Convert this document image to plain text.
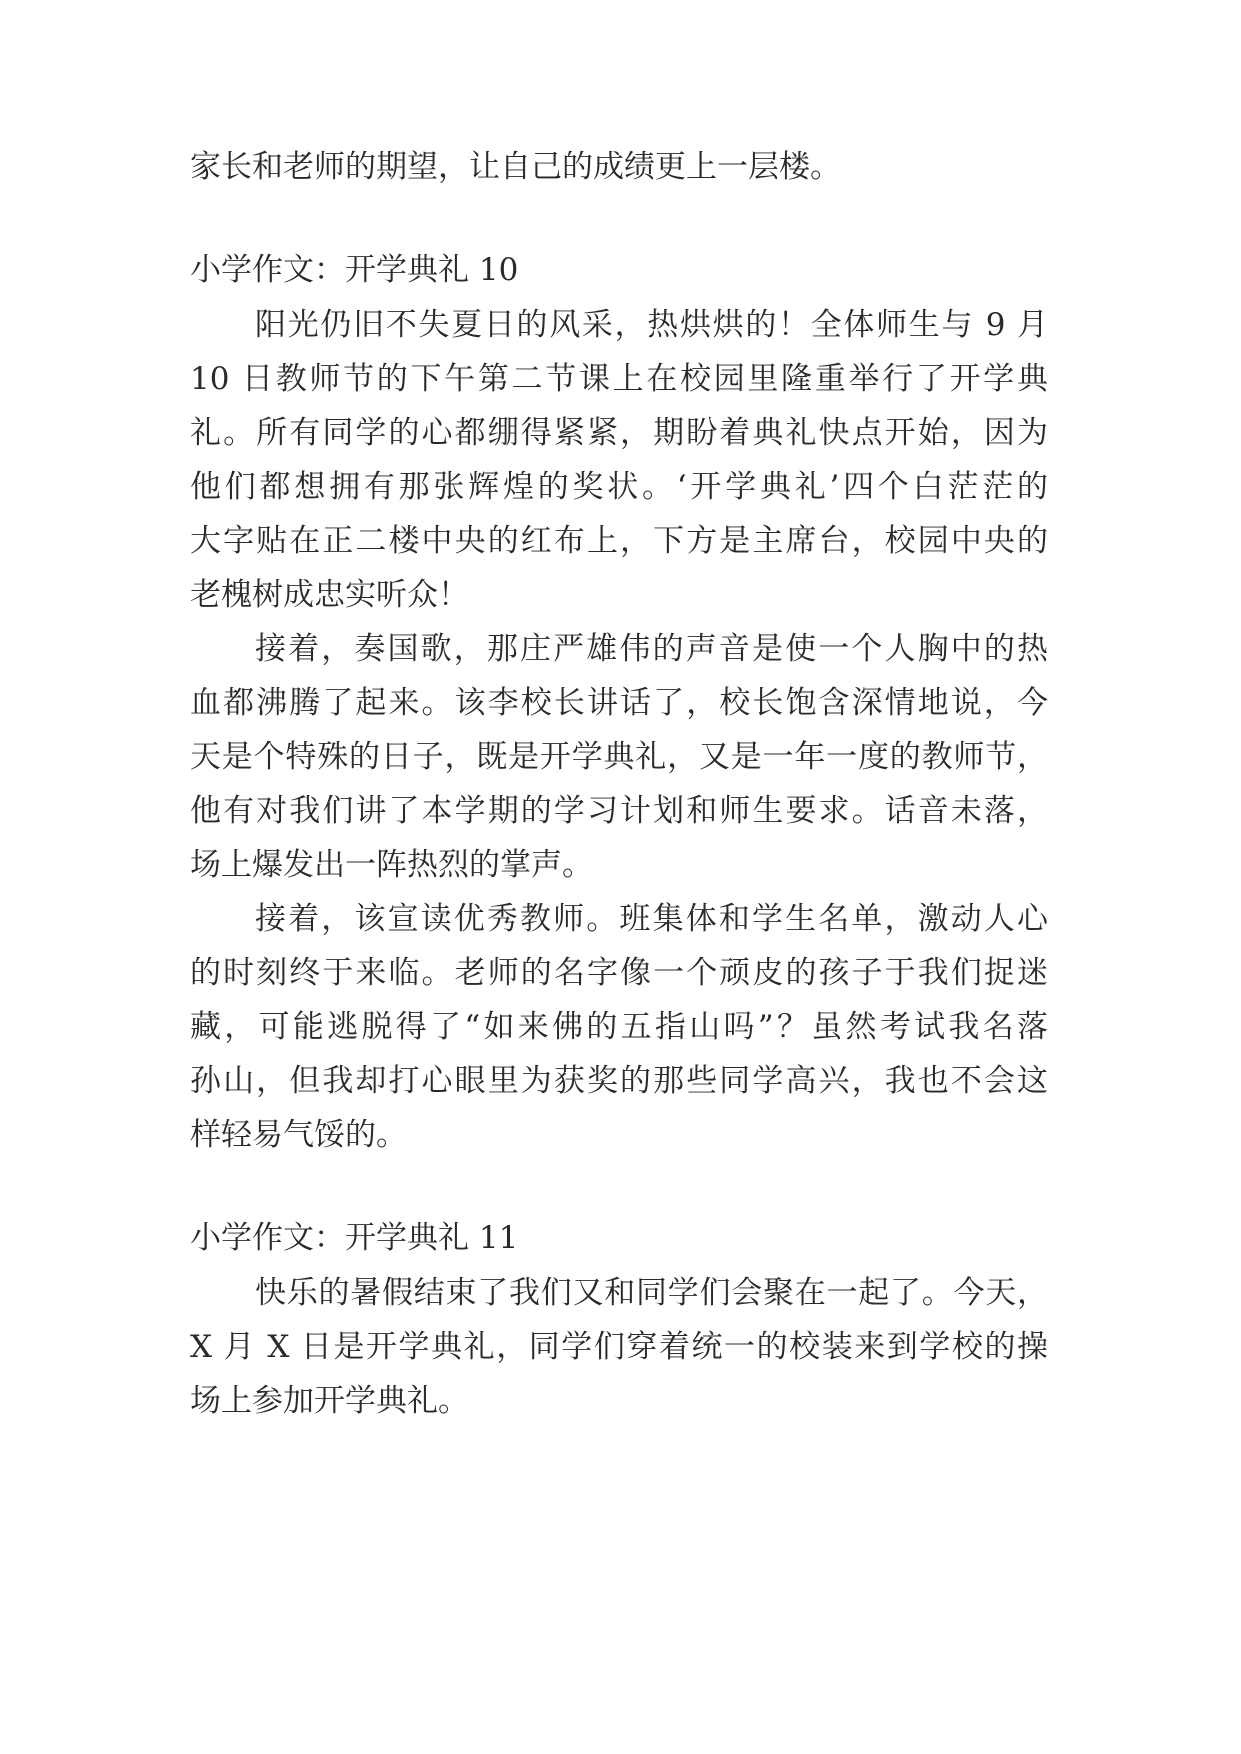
家长和老师的期望，让自己的成绩更上一层楼。
小学作文：开学典礼 10
阳光仍旧不失夏日的风采，热烘烘的！全体师生与 9 月
10 日教师节的下午第二节课上在校园里隆重举行了开学典
礼。所有同学的心都绷得紧紧，期盼着典礼快点开始，因为
他们都想拥有那张辉煌的奖状。‘开学典礼’四个白茫茫的
大字贴在正二楼中央的红布上，下方是主席台，校园中央的
老槐树成忠实听众！
接着，奏国歌，那庄严雄伟的声音是使一个人胸中的热
血都沸腾了起来。该李校长讲话了，校长饱含深情地说，今
天是个特殊的日子，既是开学典礼，又是一年一度的教师节，
他有对我们讲了本学期的学习计划和师生要求。话音未落，
场上爆发出一阵热烈的掌声。
接着，该宣读优秀教师。班集体和学生名单，激动人心
的时刻终于来临。老师的名字像一个顽皮的孩子于我们捉迷
藏，可能逃脱得了“如来佛的五指山吗”？虽然考试我名落
孙山，但我却打心眼里为获奖的那些同学高兴，我也不会这
样轻易气馁的。
小学作文：开学典礼 11
快乐的暑假结束了我们又和同学们会聚在一起了。今天，
X 月 X 日是开学典礼，同学们穿着统一的校装来到学校的操
场上参加开学典礼。
